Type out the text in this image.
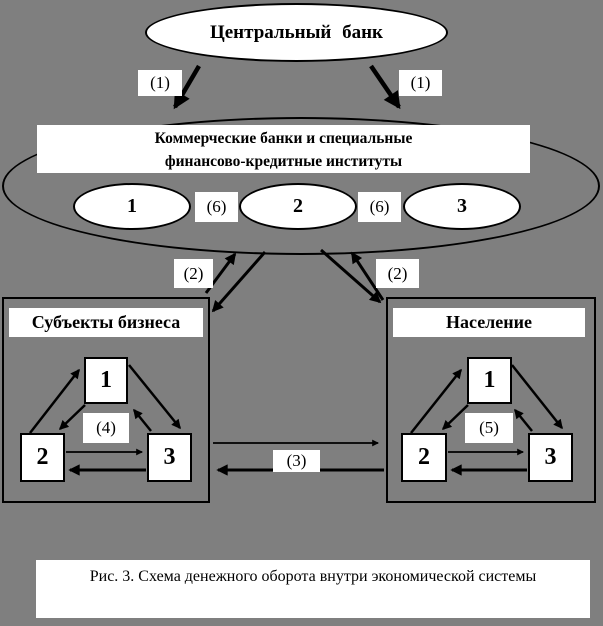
Центральный банк
(1)	(1)
Коммерческие банки и специальные
финансово-кредитные институты
1	(6)	2	(6)	3
(2)	(2)
Субъекты бизнеса
1
(4)
2	3
Население
1
(5)
2	3
(3)
Рис. 3. Схема денежного оборота внутри экономической системы
